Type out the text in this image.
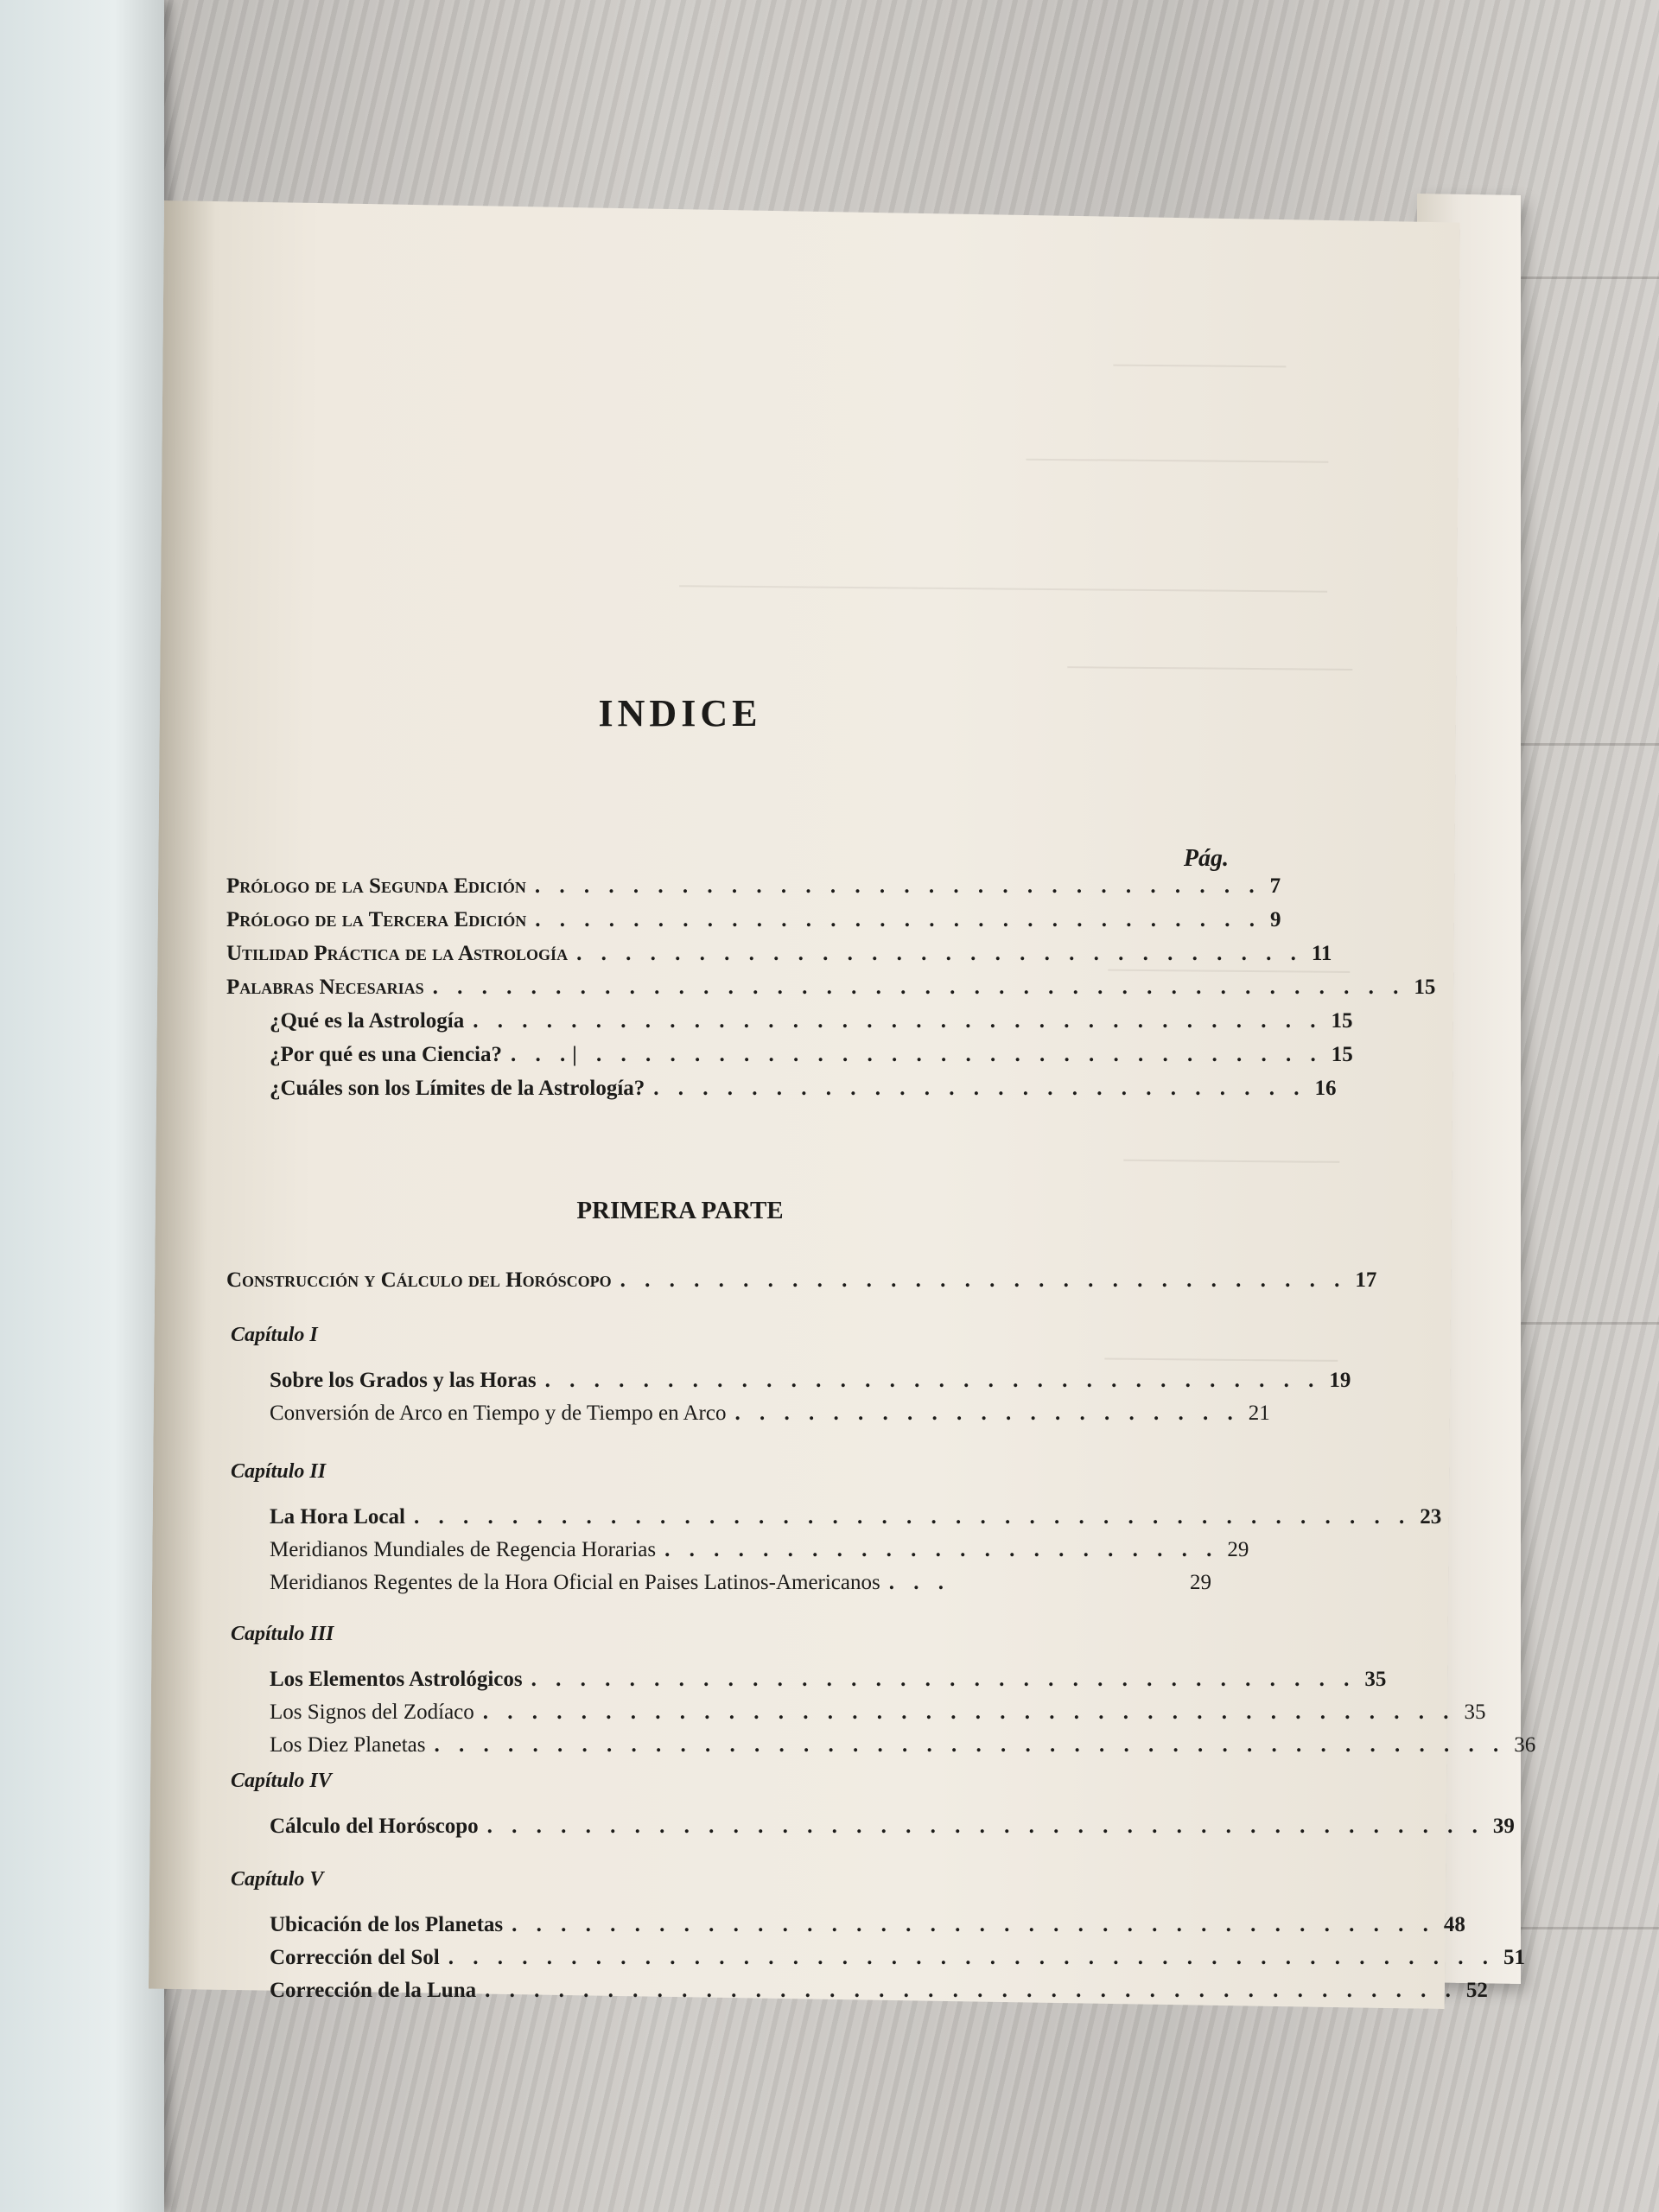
INDICE
Pág.
PRIMERA PARTE
Prólogo de la Segunda Edición . . . . . . . . . . . . . . . . . . . . . . . . . . . . . . 7
Prólogo de la Tercera Edición . . . . . . . . . . . . . . . . . . . . . . . . . . . . . . 9
Utilidad Práctica de la Astrología . . . . . . . . . . . . . . . . . . . . . . . . . . . . . . 11
Palabras Necesarias . . . . . . . . . . . . . . . . . . . . . . . . . . . . . . . . . . . . . . . . 15
¿Qué es la Astrología . . . . . . . . . . . . . . . . . . . . . . . . . . . . . . . . . . . 15
¿Por qué es una Ciencia? . . .| . . . . . . . . . . . . . . . . . . . . . . . . . . . . . . 15
¿Cuáles son los Límites de la Astrología? . . . . . . . . . . . . . . . . . . . . . . . . . . . 16
Construcción y Cálculo del Horóscopo . . . . . . . . . . . . . . . . . . . . . . . . . . . . . . 17
Capítulo I
Sobre los Grados y las Horas . . . . . . . . . . . . . . . . . . . . . . . . . . . . . . . . 19
Conversión de Arco en Tiempo y de Tiempo en Arco . . . . . . . . . . . . . . . . . . . . . 21
Capítulo II
La Hora Local . . . . . . . . . . . . . . . . . . . . . . . . . . . . . . . . . . . . . . . . . 23
Meridianos Mundiales de Regencia Horarias . . . . . . . . . . . . . . . . . . . . . . . 29
Meridianos Regentes de la Hora Oficial en Paises Latinos-Americanos . . .	29
Capítulo III
Los Elementos Astrológicos . . . . . . . . . . . . . . . . . . . . . . . . . . . . . . . . . . 35
Los Signos del Zodíaco . . . . . . . . . . . . . . . . . . . . . . . . . . . . . . . . . . . . . . . . 35
Los Diez Planetas . . . . . . . . . . . . . . . . . . . . . . . . . . . . . . . . . . . . . . . . . . . . 36
Capítulo IV
Cálculo del Horóscopo . . . . . . . . . . . . . . . . . . . . . . . . . . . . . . . . . . . . . . . . . 39
Capítulo V
Ubicación de los Planetas . . . . . . . . . . . . . . . . . . . . . . . . . . . . . . . . . . . . . . 48
Corrección del Sol . . . . . . . . . . . . . . . . . . . . . . . . . . . . . . . . . . . . . . . . . . . 51
Corrección de la Luna . . . . . . . . . . . . . . . . . . . . . . . . . . . . . . . . . . . . . . . . 52
